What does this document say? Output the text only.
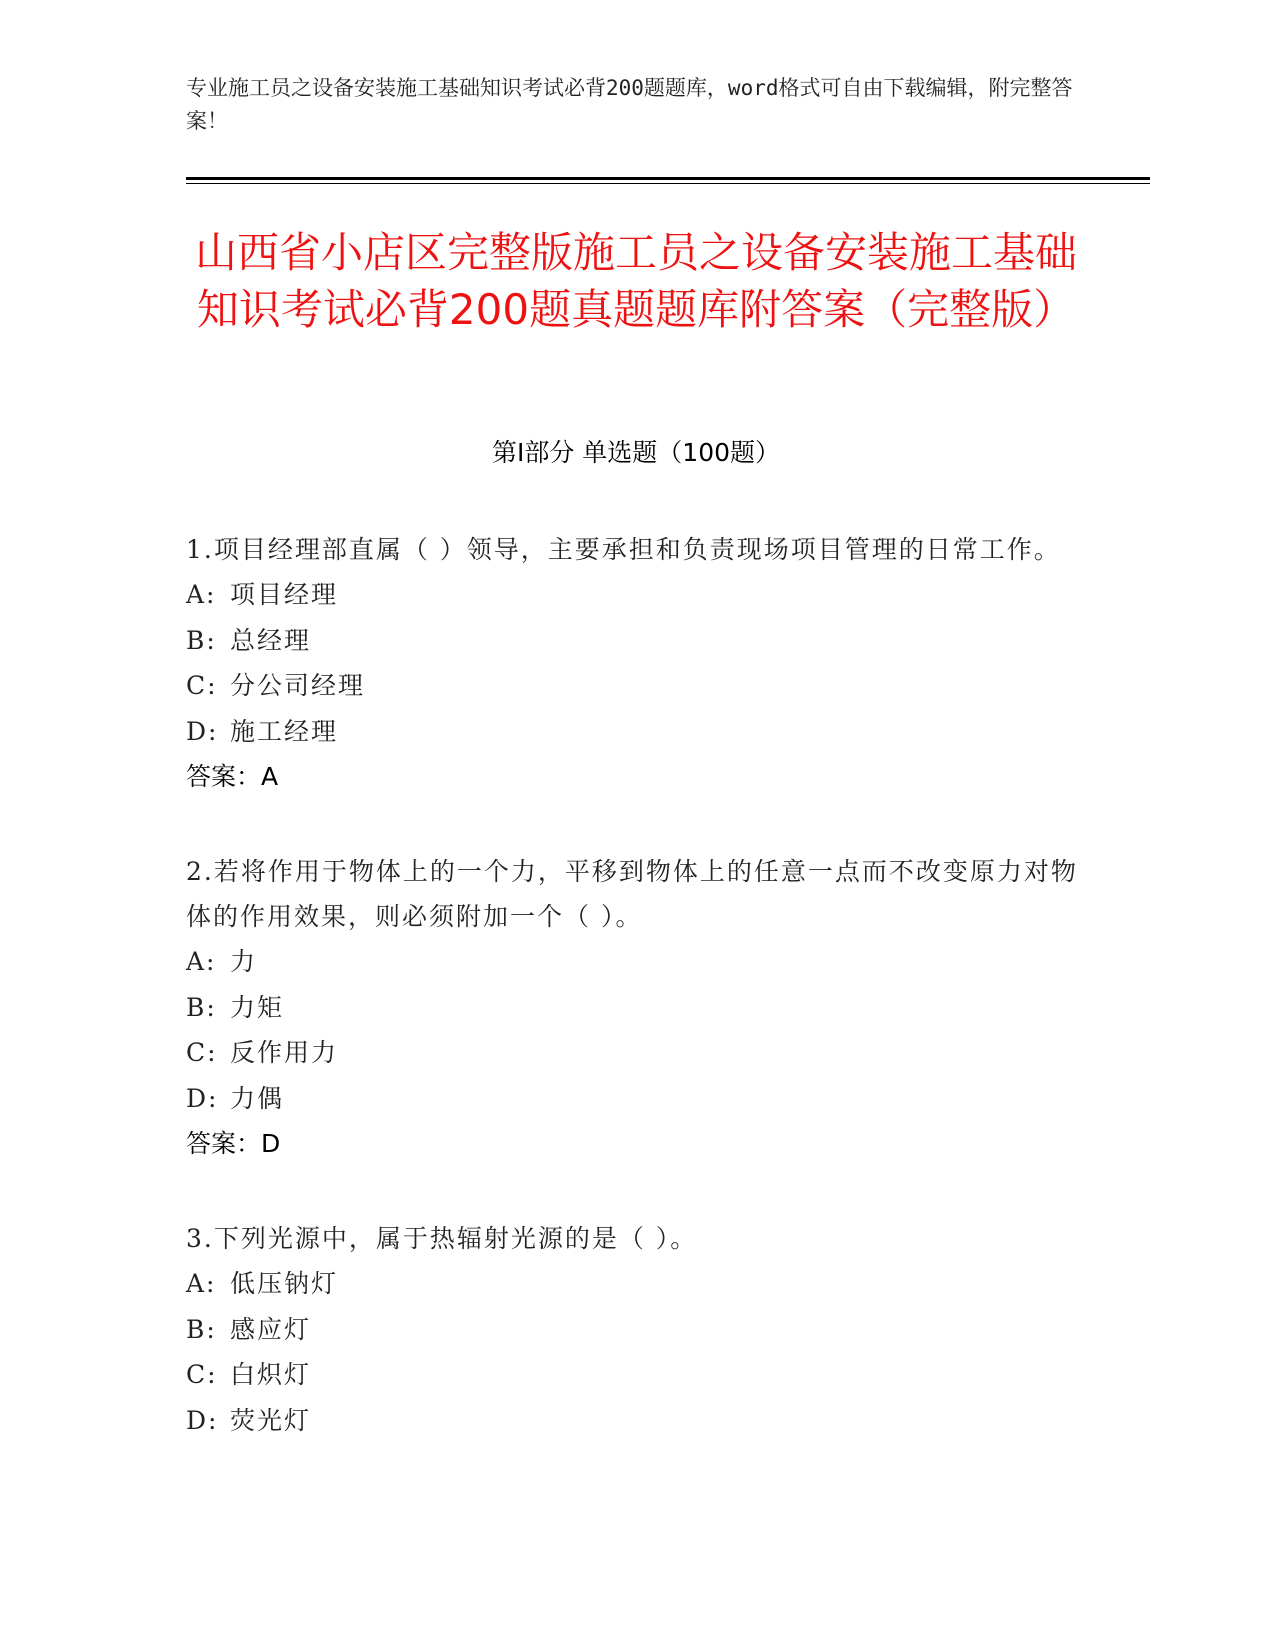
专业施工员之设备安装施工基础知识考试必背200题题库，word格式可自由下载编辑，附完整答案！
山西省小店区完整版施工员之设备安装施工基础知识考试必背200题真题题库附答案（完整版）
第Ⅰ部分 单选题（100题）
1.项目经理部直属（ ）领导，主要承担和负责现场项目管理的日常工作。
A: 项目经理
B: 总经理
C: 分公司经理
D: 施工经理
答案：A
2.若将作用于物体上的一个力，平移到物体上的任意一点而不改变原力对物体的作用效果，则必须附加一个（ ）。
A: 力
B: 力矩
C: 反作用力
D: 力偶
答案：D
3.下列光源中，属于热辐射光源的是（ ）。
A: 低压钠灯
B: 感应灯
C: 白炽灯
D: 荧光灯
